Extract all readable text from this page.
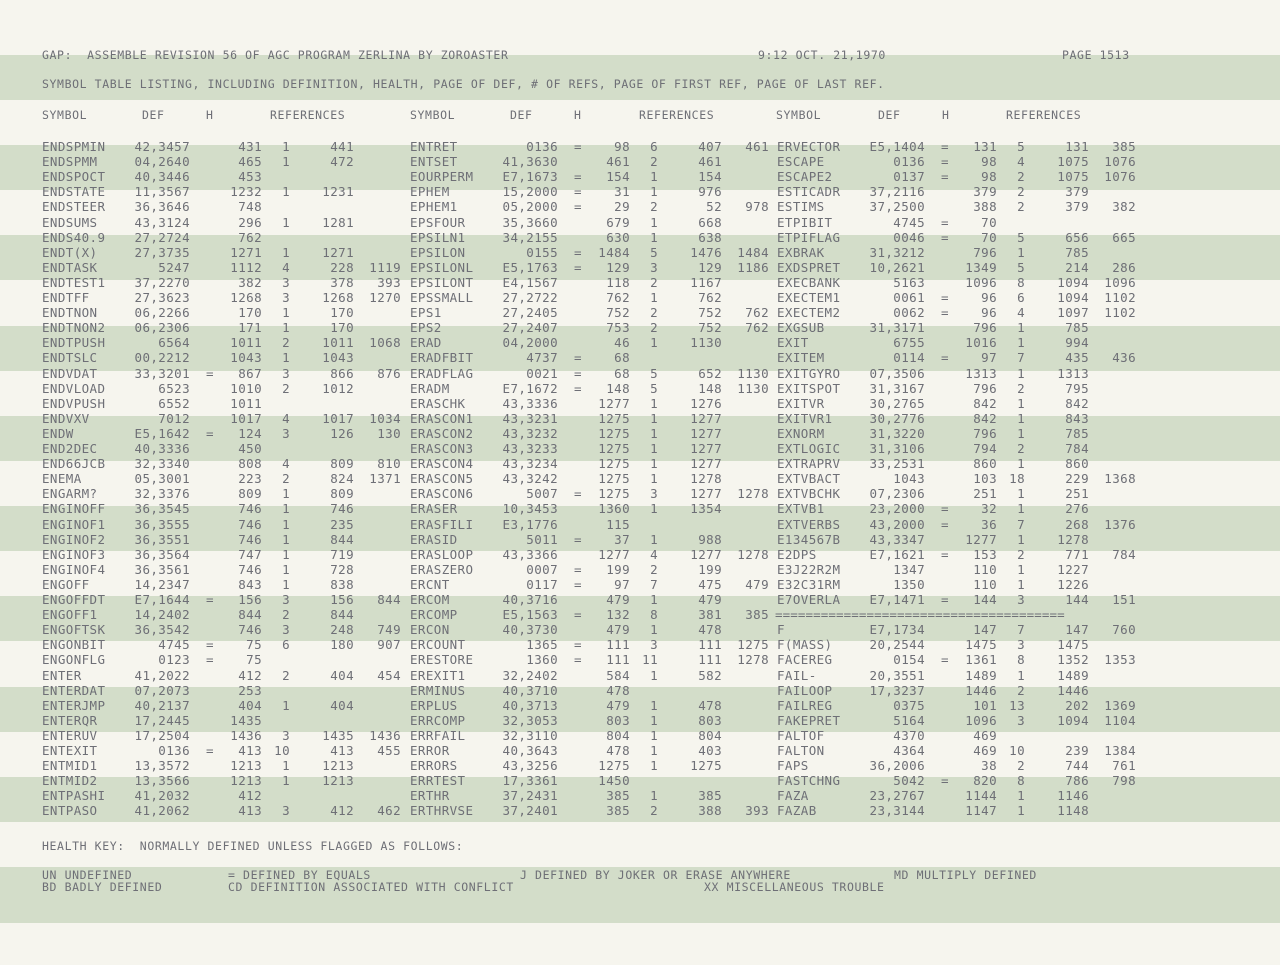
GAP:  ASSEMBLE REVISION 56 OF AGC PROGRAM ZERLINA BY ZOROASTER	9:12 OCT. 21,1970	PAGE 1513
SYMBOL TABLE LISTING, INCLUDING DEFINITION, HEALTH, PAGE OF DEF, # OF REFS, PAGE OF FIRST REF, PAGE OF LAST REF.
SYMBOL	DEF	H	REFERENCES	SYMBOL	DEF	H	REFERENCES	SYMBOL	DEF	H	REFERENCES
ENDSPMIN	42,3457	431	1	441	ENTRET	0136 =	98	6	407	461 ERVECTOR	E5,1404 =	131	5	131	385
ENDSPMM	04,2640	465	1	472	ENTSET	41,3630	461	2	461	ESCAPE	0136 =	98	4	1075	1076
ENDSPOCT	40,3446	453	EOURPERM	E7,1673 =	154	1	154	ESCAPE2	0137 =	98	2	1075	1076
ENDSTATE	11,3567	1232	1	1231	EPHEM	15,2000 =	31	1	976	ESTICADR	37,2116	379	2	379
ENDSTEER	36,3646	748	EPHEM1	05,2000 =	29	2	52	978 ESTIMS	37,2500	388	2	379	382
ENDSUMS	43,3124	296	1	1281	EPSFOUR	35,3660	679	1	668	ETPIBIT	4745 =	70
ENDS40.9	27,2724	762	EPSILN1	34,2155	630	1	638	ETPIFLAG	0046 =	70	5	656	665
ENDT(X)	27,3735	1271	1	1271	EPSILON	0155 =	1484	5	1476	1484 EXBRAK	31,3212	796	1	785
ENDTASK	5247	1112	4	228	1119 EPSILONL	E5,1763 =	129	3	129	1186 EXDSPRET	10,2621	1349	5	214	286
ENDTEST1	37,2270	382	3	378	393 EPSILONT	E4,1567	118	2	1167	EXECBANK	5163	1096	8	1094	1096
ENDTFF	27,3623	1268	3	1268	1270 EPSSMALL	27,2722	762	1	762	EXECTEM1	0061 =	96	6	1094	1102
ENDTNON	06,2266	170	1	170	EPS1	27,2405	752	2	752	762 EXECTEM2	0062 =	96	4	1097	1102
ENDTNON2	06,2306	171	1	170	EPS2	27,2407	753	2	752	762 EXGSUB	31,3171	796	1	785
ENDTPUSH	6564	1011	2	1011	1068 ERAD	04,2000	46	1	1130	EXIT	6755	1016	1	994
ENDTSLC	00,2212	1043	1	1043	ERADFBIT	4737 =	68	EXITEM	0114 =	97	7	435	436
ENDVDAT	33,3201 =	867	3	866	876 ERADFLAG	0021 =	68	5	652	1130 EXITGYRO	07,3506	1313	1	1313
ENDVLOAD	6523	1010	2	1012	ERADM	E7,1672 =	148	5	148	1130 EXITSPOT	31,3167	796	2	795
ENDVPUSH	6552	1011	ERASCHK	43,3336	1277	1	1276	EXITVR	30,2765	842	1	842
ENDVXV	7012	1017	4	1017	1034 ERASCON1	43,3231	1275	1	1277	EXITVR1	30,2776	842	1	843
ENDW	E5,1642 =	124	3	126	130 ERASCON2	43,3232	1275	1	1277	EXNORM	31,3220	796	1	785
END2DEC	40,3336	450	ERASCON3	43,3233	1275	1	1277	EXTLOGIC	31,3106	794	2	784
END66JCB	32,3340	808	4	809	810 ERASCON4	43,3234	1275	1	1277	EXTRAPRV	33,2531	860	1	860
ENEMA	05,3001	223	2	824	1371 ERASCON5	43,3242	1275	1	1278	EXTVBACT	1043	103 18	229	1368
ENGARM?	32,3376	809	1	809	ERASCON6	5007 =	1275	3	1277	1278 EXTVBCHK	07,2306	251	1	251
ENGINOFF	36,3545	746	1	746	ERASER	10,3453	1360	1	1354	EXTVB1	23,2000 =	32	1	276
ENGINOF1	36,3555	746	1	235	ERASFILI	E3,1776	115	EXTVERBS	43,2000 =	36	7	268	1376
ENGINOF2	36,3551	746	1	844	ERASID	5011 =	37	1	988	E134567B	43,3347	1277	1	1278
ENGINOF3	36,3564	747	1	719	ERASLOOP	43,3366	1277	4	1277	1278 E2DPS	E7,1621 =	153	2	771	784
ENGINOF4	36,3561	746	1	728	ERASZERO	0007 =	199	2	199	E3J22R2M	1347	110	1	1227
ENGOFF	14,2347	843	1	838	ERCNT	0117 =	97	7	475	479 E32C31RM	1350	110	1	1226
ENGOFFDT	E7,1644 =	156	3	156	844 ERCOM	40,3716	479	1	479	E7OVERLA	E7,1471 =	144	3	144	151
ENGOFF1	14,2402	844	2	844	ERCOMP	E5,1563 =	132	8	381	385 ======================================
ENGOFTSK	36,3542	746	3	248	749 ERCON	40,3730	479	1	478	F	E7,1734	147	7	147	760
ENGONBIT	4745 =	75	6	180	907 ERCOUNT	1365 =	111	3	111	1275 F(MASS)	20,2544	1475	3	1475
ENGONFLG	0123 =	75	ERESTORE	1360 =	111 11	111	1278 FACEREG	0154 =	1361	8	1352	1353
ENTER	41,2022	412	2	404	454 EREXIT1	32,2402	584	1	582	FAIL-	20,3551	1489	1	1489
ENTERDAT	07,2073	253	ERMINUS	40,3710	478	FAILOOP	17,3237	1446	2	1446
ENTERJMP	40,2137	404	1	404	ERPLUS	40,3713	479	1	478	FAILREG	0375	101 13	202	1369
ENTERQR	17,2445	1435	ERRCOMP	32,3053	803	1	803	FAKEPRET	5164	1096	3	1094	1104
ENTERUV	17,2504	1436	3	1435	1436 ERRFAIL	32,3110	804	1	804	FALTOF	4370	469
ENTEXIT	0136 =	413 10	413	455 ERROR	40,3643	478	1	403	FALTON	4364	469 10	239	1384
ENTMID1	13,3572	1213	1	1213	ERRORS	43,3256	1275	1	1275	FAPS	36,2006	38	2	744	761
ENTMID2	13,3566	1213	1	1213	ERRTEST	17,3361	1450	FASTCHNG	5042 =	820	8	786	798
ENTPASHI	41,2032	412	ERTHR	37,2431	385	1	385	FAZA	23,2767	1144	1	1146
ENTPASO	41,2062	413	3	412	462 ERTHRVSE	37,2401	385	2	388	393 FAZAB	23,3144	1147	1	1148
HEALTH KEY:  NORMALLY DEFINED UNLESS FLAGGED AS FOLLOWS:
UN UNDEFINED	= DEFINED BY EQUALS	J DEFINED BY JOKER OR ERASE ANYWHERE	MD MULTIPLY DEFINED
BD BADLY DEFINED	CD DEFINITION ASSOCIATED WITH CONFLICT	XX MISCELLANEOUS TROUBLE
